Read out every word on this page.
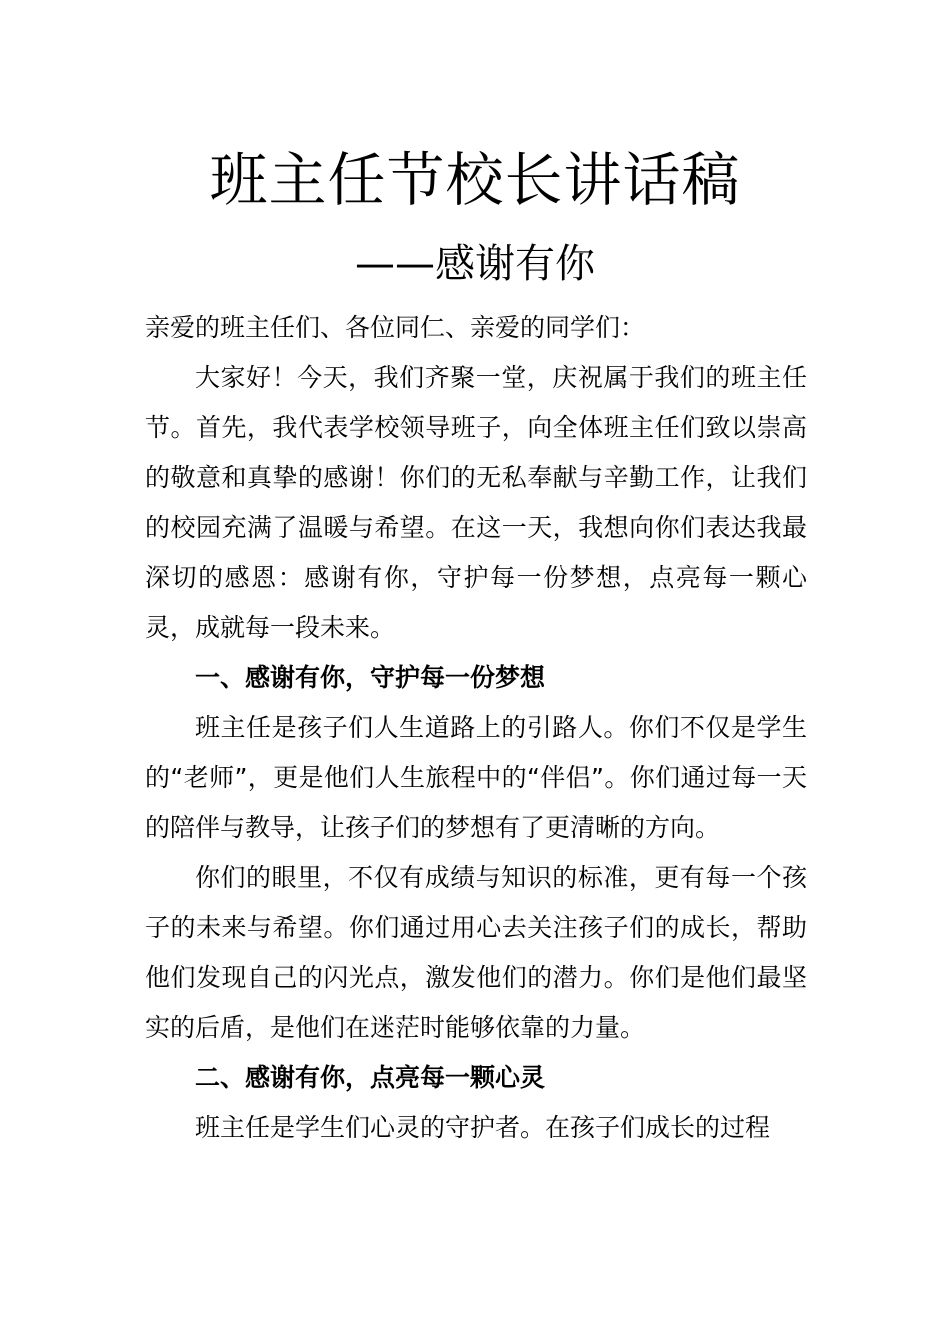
班主任节校长讲话稿
——感谢有你

亲爱的班主任们、各位同仁、亲爱的同学们：

大家好！今天，我们齐聚一堂，庆祝属于我们的班主任节。首先，我代表学校领导班子，向全体班主任们致以崇高的敬意和真挚的感谢！你们的无私奉献与辛勤工作，让我们的校园充满了温暖与希望。在这一天，我想向你们表达我最深切的感恩：感谢有你，守护每一份梦想，点亮每一颗心灵，成就每一段未来。

一、感谢有你，守护每一份梦想

班主任是孩子们人生道路上的引路人。你们不仅是学生的“老师”，更是他们人生旅程中的“伴侣”。你们通过每一天的陪伴与教导，让孩子们的梦想有了更清晰的方向。

你们的眼里，不仅有成绩与知识的标准，更有每一个孩子的未来与希望。你们通过用心去关注孩子们的成长，帮助他们发现自己的闪光点，激发他们的潜力。你们是他们最坚实的后盾，是他们在迷茫时能够依靠的力量。

二、感谢有你，点亮每一颗心灵

班主任是学生们心灵的守护者。在孩子们成长的过程
